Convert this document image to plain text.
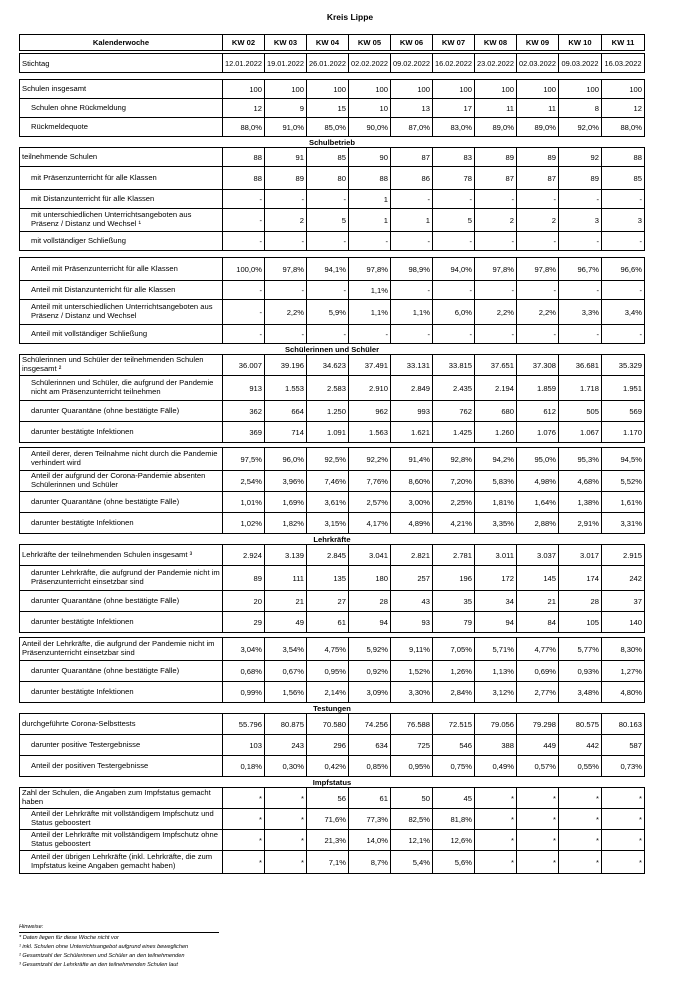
Kreis Lippe
Kalenderwoche	KW 02	KW 03	KW 04	KW 05	KW 06	KW 07	KW 08	KW 09	KW 10	KW 11

Stichtag	12.01.2022	19.01.2022	26.01.2022	02.02.2022	09.02.2022	16.02.2022	23.02.2022	02.03.2022	09.03.2022	16.03.2022

Schulen insgesamt	100	100	100	100	100	100	100	100	100	100
Schulen ohne Rückmeldung	12	9	15	10	13	17	11	11	8	12
Rückmeldequote	88,0%	91,0%	85,0%	90,0%	87,0%	83,0%	89,0%	89,0%	92,0%	88,0%
Schulbetrieb										
teilnehmende Schulen	88	91	85	90	87	83	89	89	92	88
mit Präsenzunterricht für alle Klassen	88	89	80	88	86	78	87	87	89	85
mit Distanzunterricht für alle Klassen	-	-	-	1	-	-	-	-	-	-
mit unterschiedlichen Unterrichtsangeboten aus Präsenz / Distanz und Wechsel ¹	-	2	5	1	1	5	2	2	3	3
mit vollständiger Schließung	-	-	-	-	-	-	-	-	-	-

Anteil mit Präsenzunterricht für alle Klassen	100,0%	97,8%	94,1%	97,8%	98,9%	94,0%	97,8%	97,8%	96,7%	96,6%
Anteil mit Distanzunterricht für alle Klassen	-	-	-	1,1%	-	-	-	-	-	-
Anteil mit unterschiedlichen Unterrichtsangeboten aus Präsenz / Distanz und Wechsel	-	2,2%	5,9%	1,1%	1,1%	6,0%	2,2%	2,2%	3,3%	3,4%
Anteil mit vollständiger Schließung	-	-	-	-	-	-	-	-	-	-
Schülerinnen und Schüler										
Schülerinnen und Schüler der teilnehmenden Schulen insgesamt ²	36.007	39.196	34.623	37.491	33.131	33.815	37.651	37.308	36.681	35.329
Schülerinnen und Schüler, die aufgrund der Pandemie nicht am Präsenzunterricht teilnehmen	913	1.553	2.583	2.910	2.849	2.435	2.194	1.859	1.718	1.951
darunter Quarantäne (ohne bestätigte Fälle)	362	664	1.250	962	993	762	680	612	505	569
darunter bestätigte Infektionen	369	714	1.091	1.563	1.621	1.425	1.260	1.076	1.067	1.170

Anteil derer, deren Teilnahme nicht durch die Pandemie verhindert wird	97,5%	96,0%	92,5%	92,2%	91,4%	92,8%	94,2%	95,0%	95,3%	94,5%
Anteil der aufgrund der Corona-Pandemie absenten Schülerinnen und Schüler	2,54%	3,96%	7,46%	7,76%	8,60%	7,20%	5,83%	4,98%	4,68%	5,52%
darunter Quarantäne (ohne bestätigte Fälle)	1,01%	1,69%	3,61%	2,57%	3,00%	2,25%	1,81%	1,64%	1,38%	1,61%
darunter bestätigte Infektionen	1,02%	1,82%	3,15%	4,17%	4,89%	4,21%	3,35%	2,88%	2,91%	3,31%
Lehrkräfte										
Lehrkräfte der teilnehmenden Schulen insgesamt ³	2.924	3.139	2.845	3.041	2.821	2.781	3.011	3.037	3.017	2.915
darunter Lehrkräfte, die aufgrund der Pandemie nicht im Präsenzunterricht einsetzbar sind	89	111	135	180	257	196	172	145	174	242
darunter Quarantäne (ohne bestätigte Fälle)	20	21	27	28	43	35	34	21	28	37
darunter bestätigte Infektionen	29	49	61	94	93	79	94	84	105	140

Anteil der Lehrkräfte, die aufgrund der Pandemie nicht im Präsenzunterricht einsetzbar sind	3,04%	3,54%	4,75%	5,92%	9,11%	7,05%	5,71%	4,77%	5,77%	8,30%
darunter Quarantäne (ohne bestätigte Fälle)	0,68%	0,67%	0,95%	0,92%	1,52%	1,26%	1,13%	0,69%	0,93%	1,27%
darunter bestätigte Infektionen	0,99%	1,56%	2,14%	3,09%	3,30%	2,84%	3,12%	2,77%	3,48%	4,80%
Testungen										
durchgeführte Corona-Selbsttests	55.796	80.875	70.580	74.256	76.588	72.515	79.056	79.298	80.575	80.163
darunter positive Testergebnisse	103	243	296	634	725	546	388	449	442	587
Anteil der positiven Testergebnisse	0,18%	0,30%	0,42%	0,85%	0,95%	0,75%	0,49%	0,57%	0,55%	0,73%
Impfstatus										
Zahl der Schulen, die Angaben zum Impfstatus gemacht haben	*	*	56	61	50	45	*	*	*	*
Anteil der Lehrkräfte mit vollständigem Impfschutz und Status geboostert	*	*	71,6%	77,3%	82,5%	81,8%	*	*	*	*
Anteil der Lehrkräfte mit vollständigem Impfschutz ohne Status geboostert	*	*	21,3%	14,0%	12,1%	12,6%	*	*	*	*
Anteil der übrigen Lehrkräfte (inkl. Lehrkräfte, die zum Impfstatus keine Angaben gemacht haben)	*	*	7,1%	8,7%	5,4%	5,6%	*	*	*	*
Hinweise:
* Daten liegen für diese Woche nicht vor
¹ inkl. Schulen ohne Unterrichtsangebot aufgrund eines beweglichen
² Gesamtzahl der Schülerinnen und Schüler an den teilnehmenden
³ Gesamtzahl der Lehrkräfte an den teilnehmenden Schulen laut
